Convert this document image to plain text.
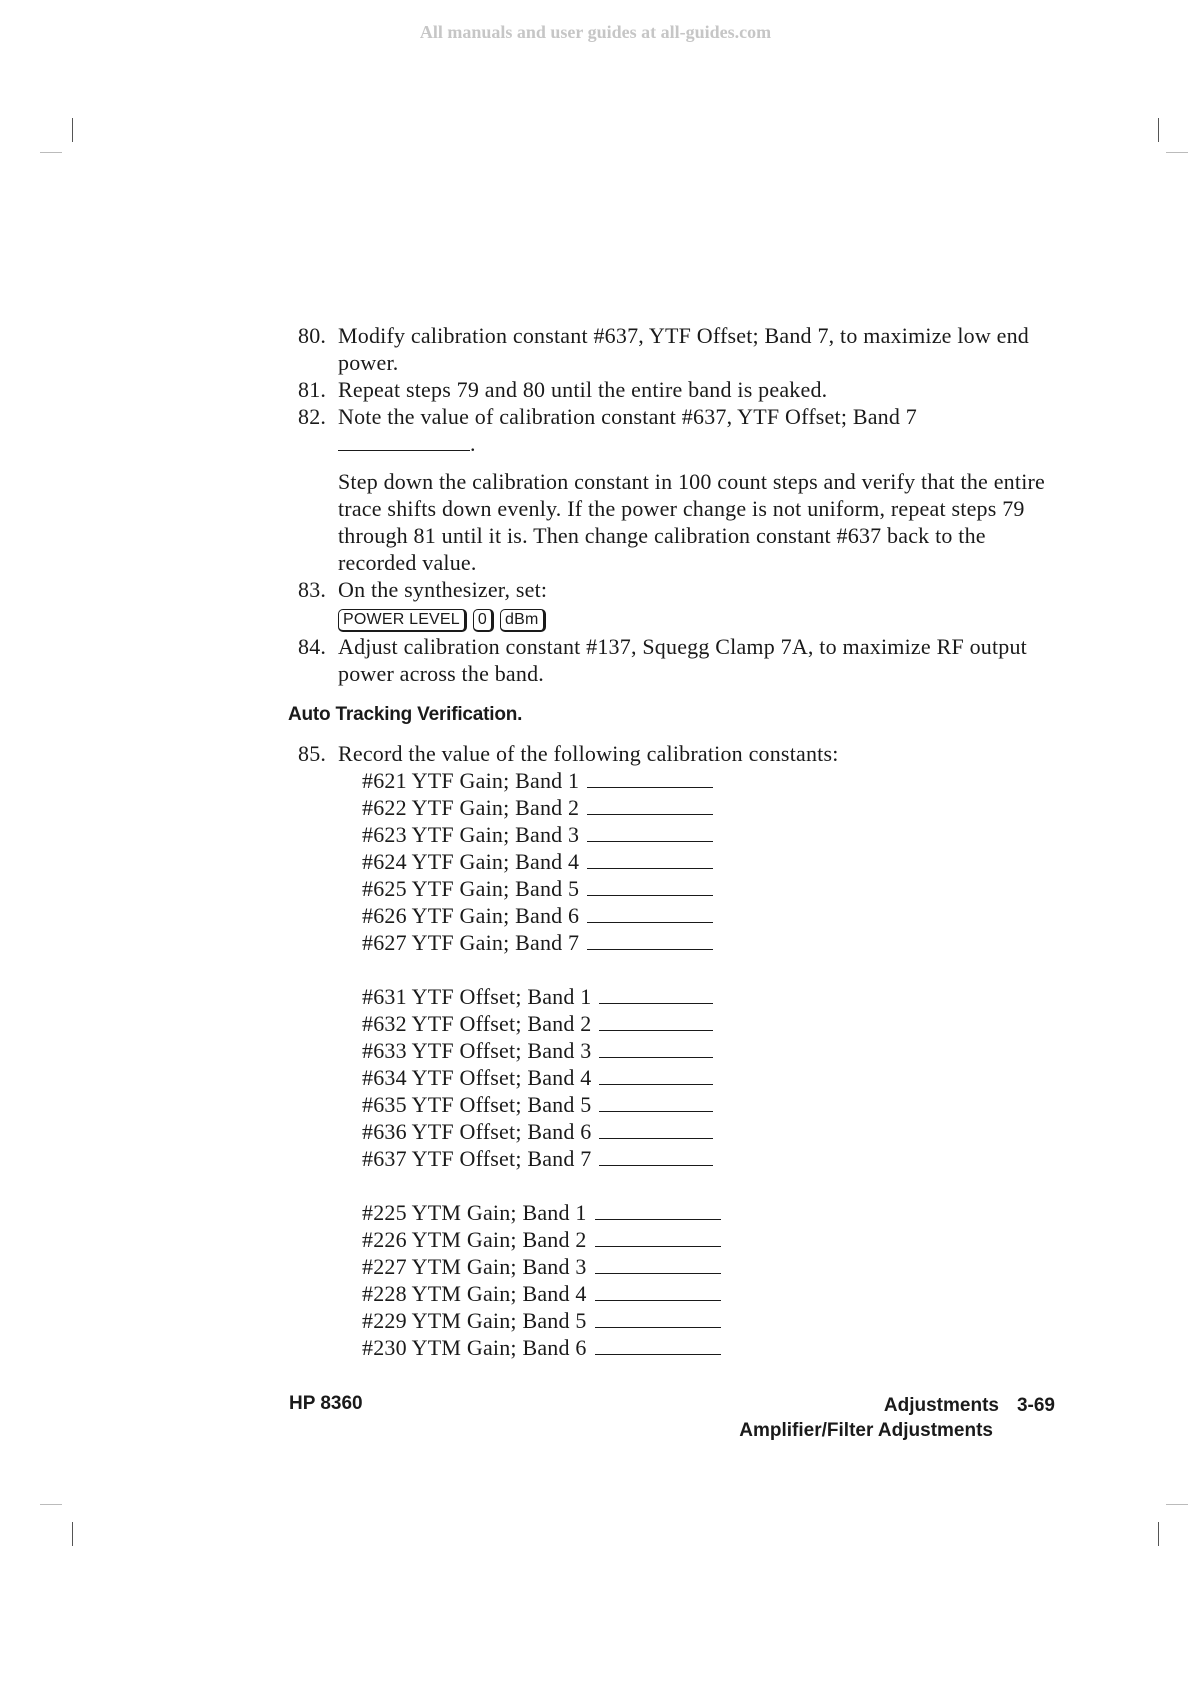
All manuals and user guides at all-guides.com
80. Modify calibration constant #637, YTF Offset; Band 7, to maximize low end power.
81. Repeat steps 79 and 80 until the entire band is peaked.
82. Note the value of calibration constant #637, YTF Offset; Band 7
.
Step down the calibration constant in 100 count steps and verify that the entire trace shifts down evenly. If the power change is not uniform, repeat steps 79 through 81 until it is. Then change calibration constant #637 back to the recorded value.
83. On the synthesizer, set:
POWER LEVEL 0 dBm
84. Adjust calibration constant #137, Squegg Clamp 7A, to maximize RF output power across the band.
Auto Tracking Verification.
85. Record the value of the following calibration constants:
#621 YTF Gain; Band 1
#622 YTF Gain; Band 2
#623 YTF Gain; Band 3
#624 YTF Gain; Band 4
#625 YTF Gain; Band 5
#626 YTF Gain; Band 6
#627 YTF Gain; Band 7
#631 YTF Offset; Band 1
#632 YTF Offset; Band 2
#633 YTF Offset; Band 3
#634 YTF Offset; Band 4
#635 YTF Offset; Band 5
#636 YTF Offset; Band 6
#637 YTF Offset; Band 7
#225 YTM Gain; Band 1
#226 YTM Gain; Band 2
#227 YTM Gain; Band 3
#228 YTM Gain; Band 4
#229 YTM Gain; Band 5
#230 YTM Gain; Band 6
HP 8360	Adjustments 3-69
Amplifier/Filter Adjustments
